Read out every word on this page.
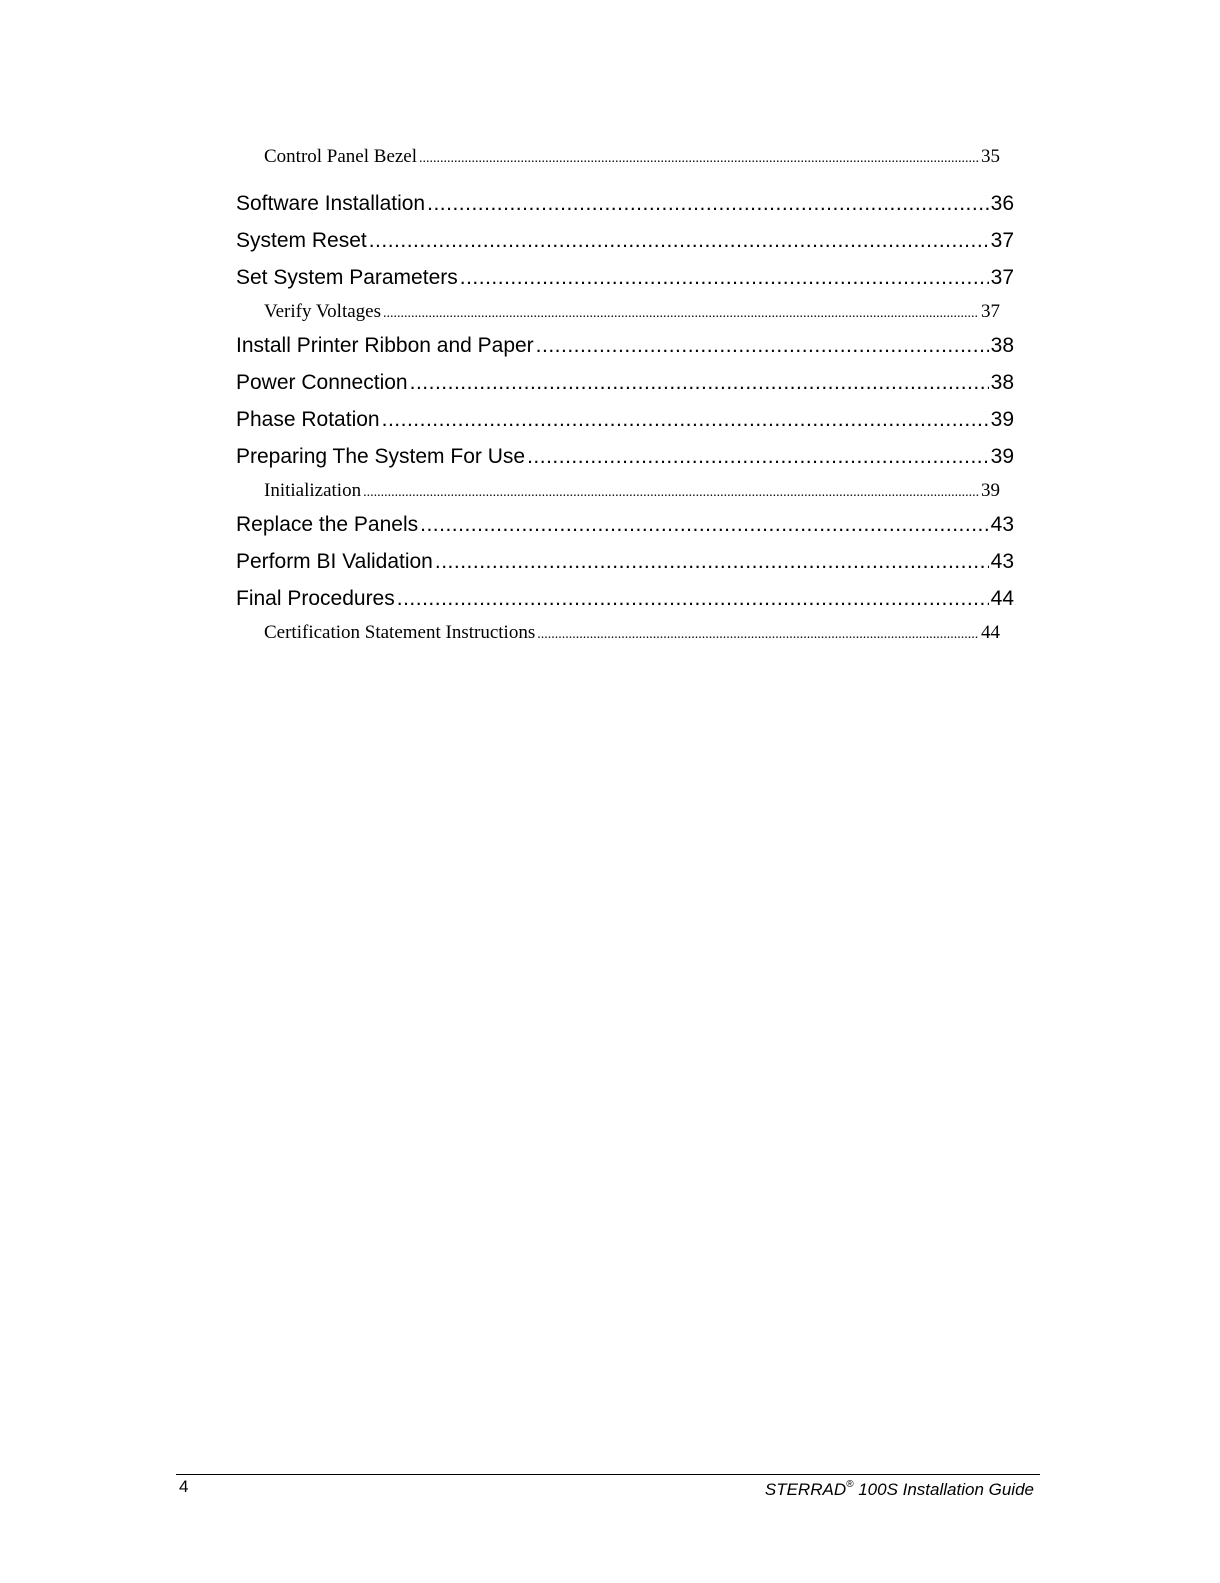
Control Panel Bezel .....	35
Software Installation .....	36
System Reset .....	37
Set System Parameters .....	37
Verify Voltages .....	37
Install Printer Ribbon and Paper .....	38
Power Connection .....	38
Phase Rotation .....	39
Preparing The System For Use .....	39
Initialization .....	39
Replace the Panels .....	43
Perform BI Validation .....	43
Final Procedures .....	44
Certification Statement Instructions .....	44
4	STERRAD® 100S Installation Guide
